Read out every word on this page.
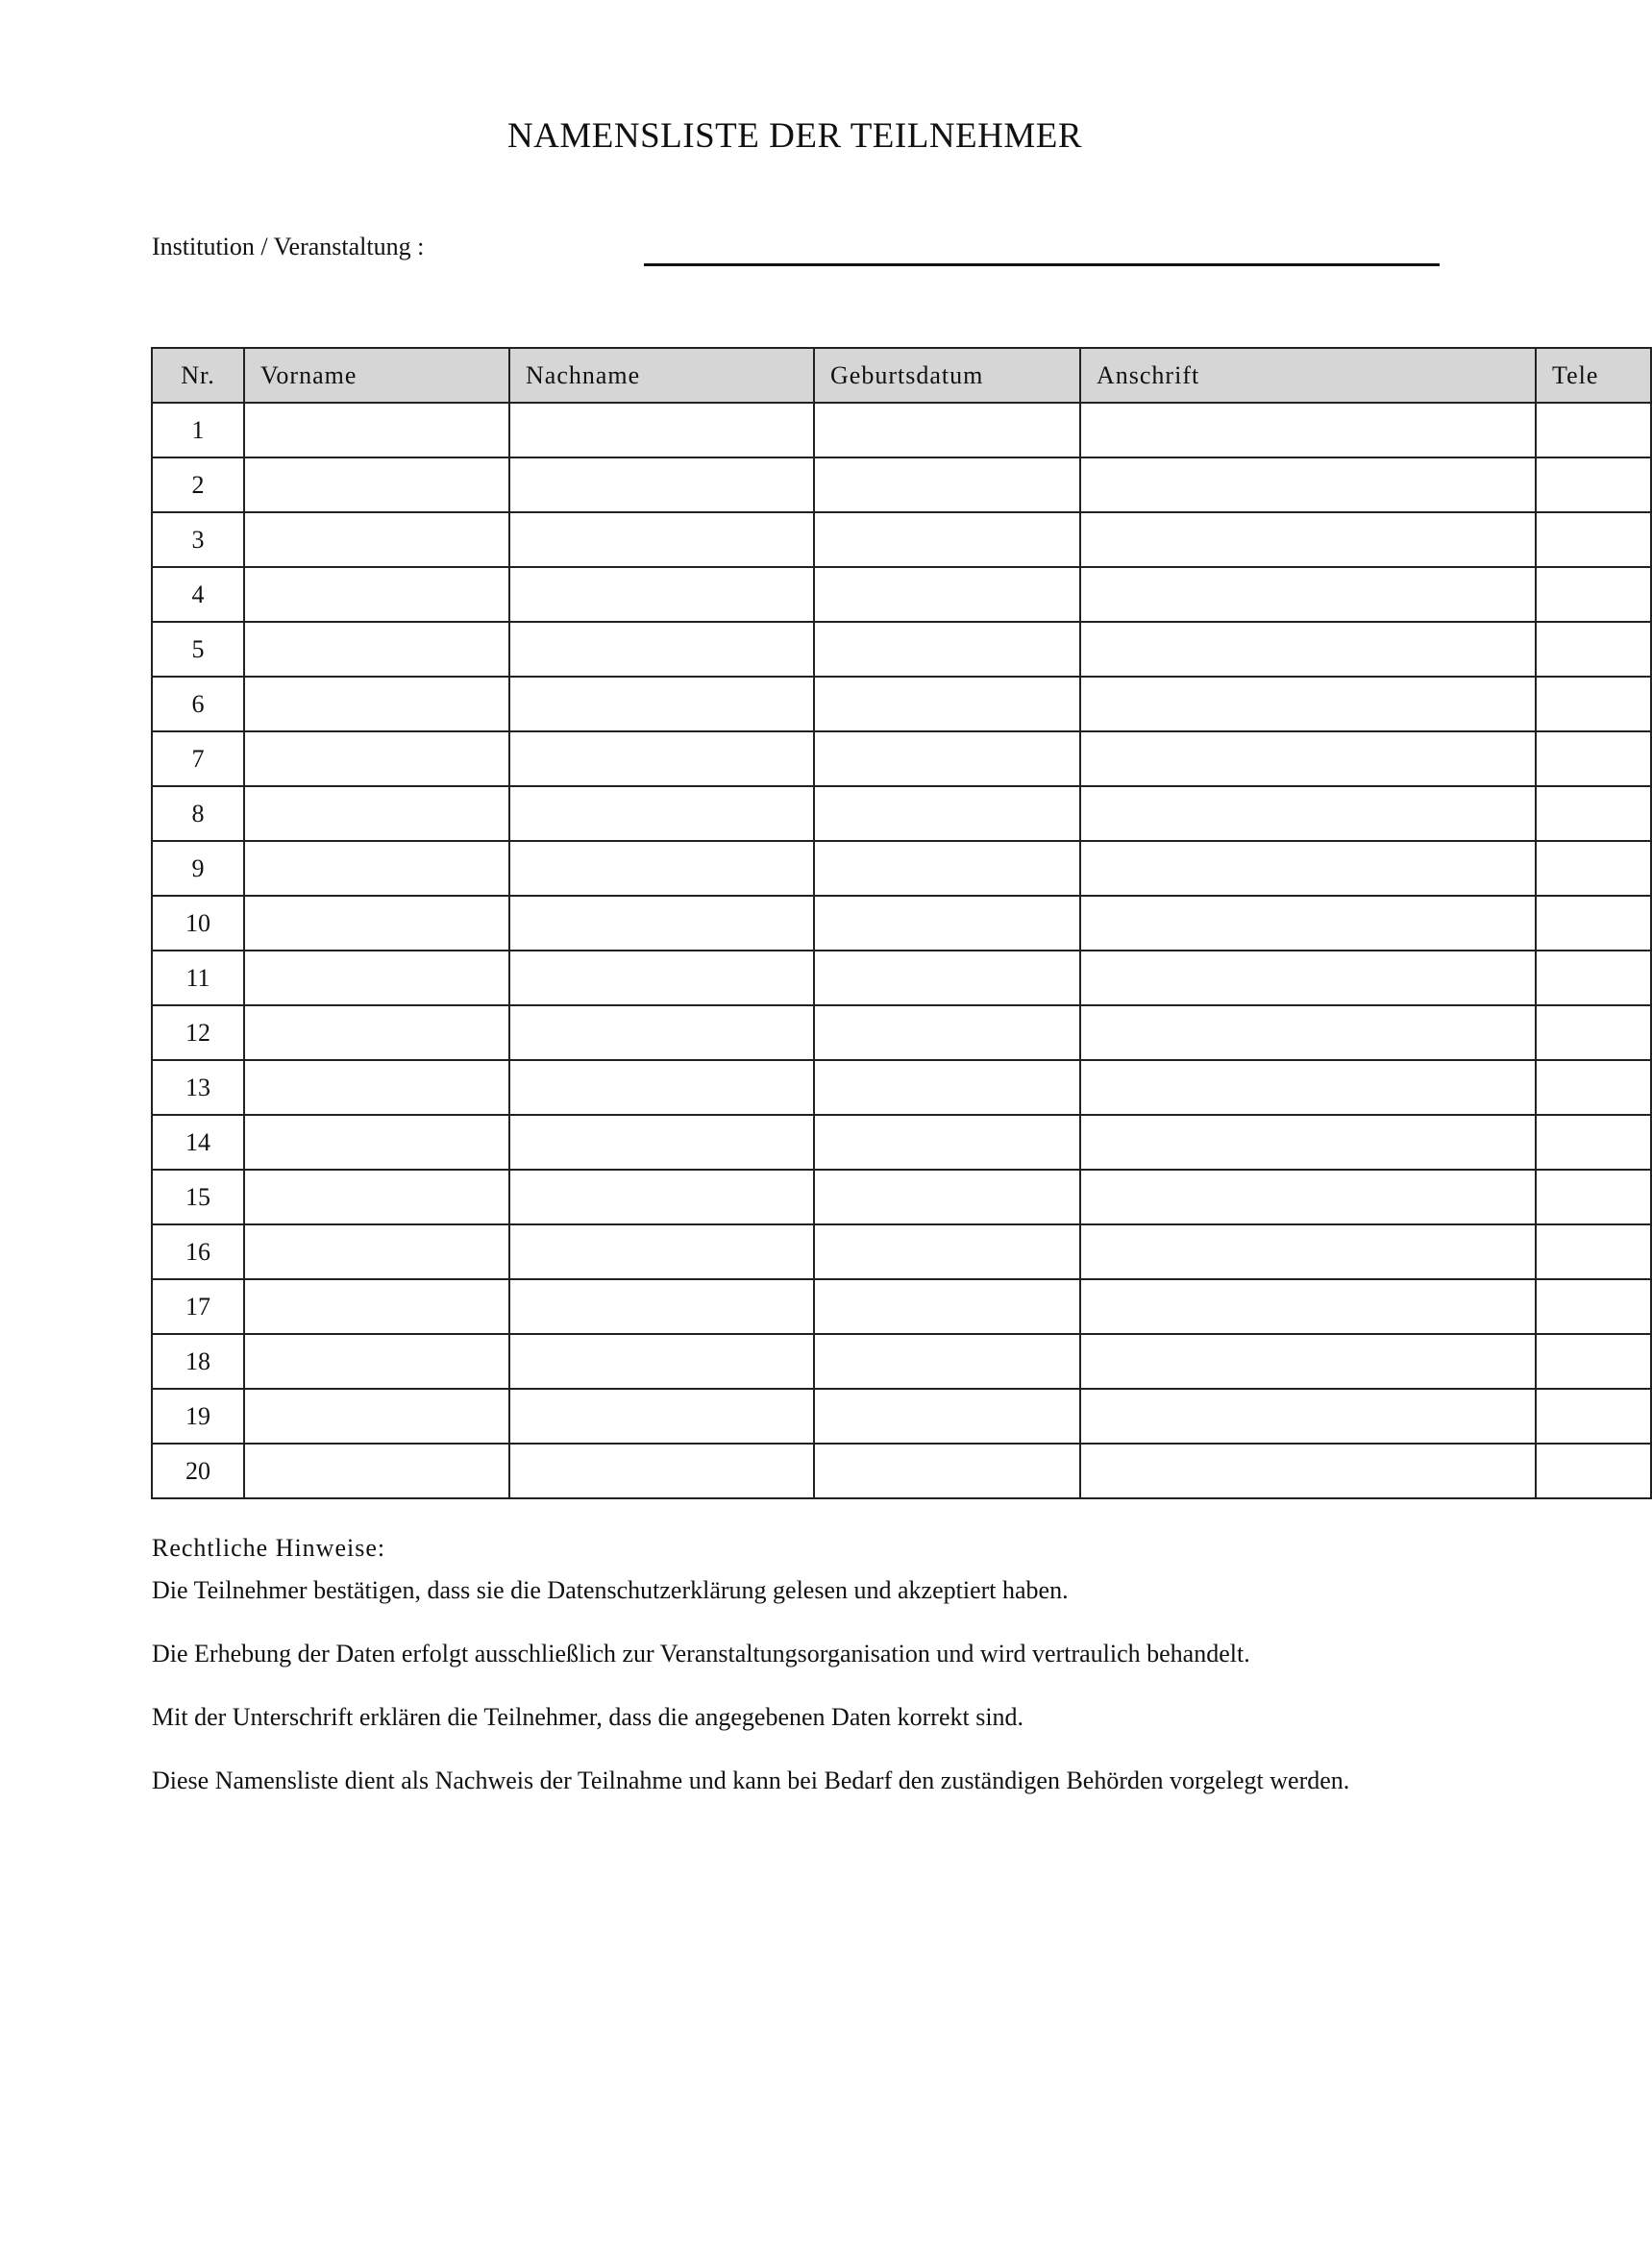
NAMENSLISTE DER TEILNEHMER
Institution / Veranstaltung :
Nr.	Vorname	Nachname	Geburtsdatum	Anschrift	Tele
1					
2					
3					
4					
5					
6					
7					
8					
9					
10					
11					
12					
13					
14					
15					
16					
17					
18					
19					
20					
Rechtliche Hinweise:

Die Teilnehmer bestätigen, dass sie die Datenschutzerklärung gelesen und akzeptiert haben.

Die Erhebung der Daten erfolgt ausschließlich zur Veranstaltungsorganisation und wird vertraulich behandelt.

Mit der Unterschrift erklären die Teilnehmer, dass die angegebenen Daten korrekt sind.

Diese Namensliste dient als Nachweis der Teilnahme und kann bei Bedarf den zuständigen Behörden vorgelegt werden.
